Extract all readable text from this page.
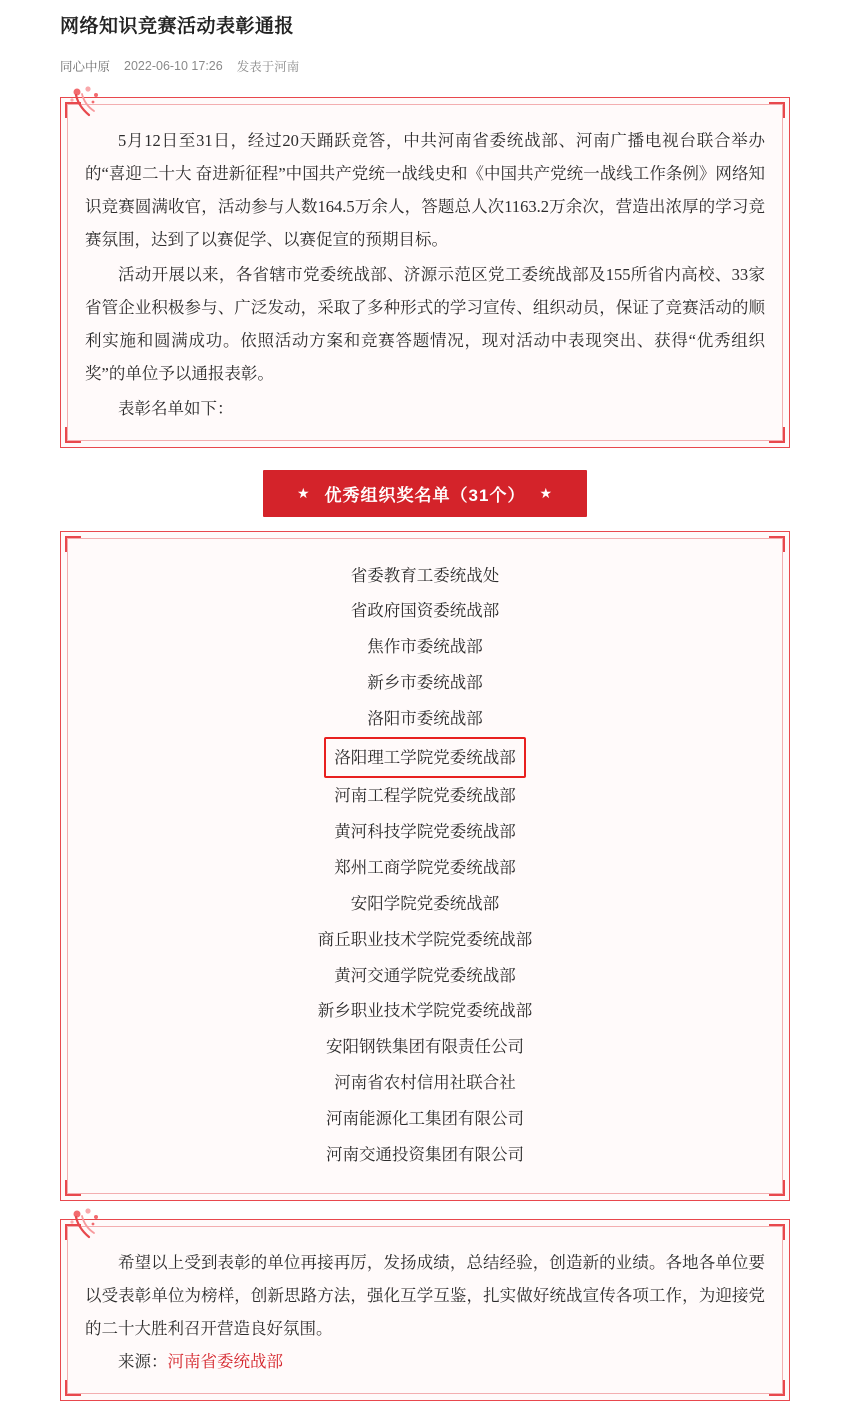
网络知识竞赛活动表彰通报
同心中原 2022-06-10 17:26 发表于河南

5月12日至31日，经过20天踊跃竞答，中共河南省委统战部、河南广播电视台联合举办的“喜迎二十大 奋进新征程”中国共产党统一战线史和《中国共产党统一战线工作条例》网络知识竞赛圆满收官，活动参与人数164.5万余人，答题总人次1163.2万余次，营造出浓厚的学习竞赛氛围，达到了以赛促学、以赛促宣的预期目标。

活动开展以来，各省辖市党委统战部、济源示范区党工委统战部及155所省内高校、33家省管企业积极参与、广泛发动，采取了多种形式的学习宣传、组织动员，保证了竞赛活动的顺利实施和圆满成功。依照活动方案和竞赛答题情况，现对活动中表现突出、获得“优秀组织奖”的单位予以通报表彰。

表彰名单如下：

★ 优秀组织奖名单（31个） ★
省委教育工委统战处
省政府国资委统战部
焦作市委统战部
新乡市委统战部
洛阳市委统战部
洛阳理工学院党委统战部
河南工程学院党委统战部
黄河科技学院党委统战部
郑州工商学院党委统战部
安阳学院党委统战部
商丘职业技术学院党委统战部
黄河交通学院党委统战部
新乡职业技术学院党委统战部
安阳钢铁集团有限责任公司
河南省农村信用社联合社
河南能源化工集团有限公司
河南交通投资集团有限公司

希望以上受到表彰的单位再接再厉，发扬成绩，总结经验，创造新的业绩。各地各单位要以受表彰单位为榜样，创新思路方法，强化互学互鉴，扎实做好统战宣传各项工作，为迎接党的二十大胜利召开营造良好氛围。

来源：河南省委统战部
